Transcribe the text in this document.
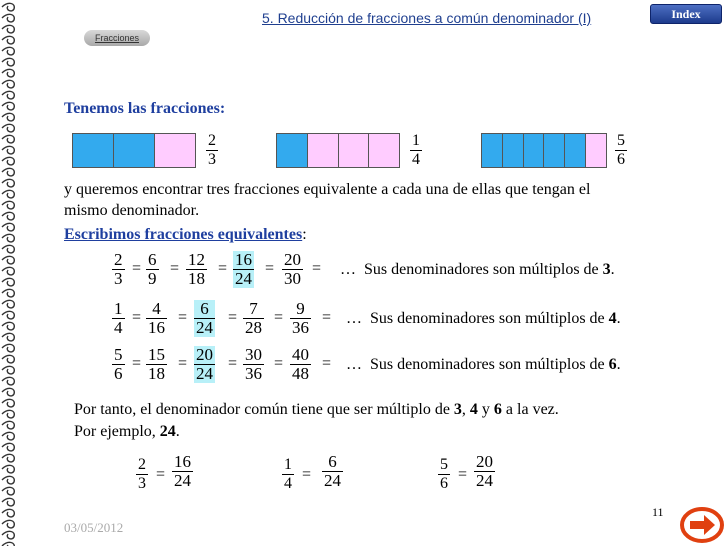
5. Reducción de fracciones a común denominador (I)	Index
Fracciones
Tenemos las fracciones:
$\frac{2}{3}$	$\frac{1}{4}$	$\frac{5}{6}$
y queremos encontrar tres fracciones equivalente a cada una de ellas que tengan el
mismo denominador.
Escribimos fracciones equivalentes:
$\frac{2}{3} \frac{6}{9} \frac{12}{18} \frac{16}{24} \frac{20}{30}$
= = = = = … Sus denominadores son múltiplos de 3.
$\frac{1}{4} \frac{4}{16} \frac{6}{24} \frac{7}{28} \frac{9}{36}$
= =	= = = … Sus denominadores son múltiplos de 4.
$\frac{5}{6} \frac{15}{18} \frac{20}{24} \frac{30}{36} \frac{40}{48}$
= =	= = = … Sus denominadores son múltiplos de 6.
Por tanto, el denominador común tiene que ser múltiplo de 3, 4 y 6 a la vez.
Por ejemplo, 24.
$\frac{2}{3} = \frac{16}{24}$	$\frac{1}{4} = \frac{6}{24}$	$\frac{5}{6} = \frac{20}{24}$
11
03/05/2012
